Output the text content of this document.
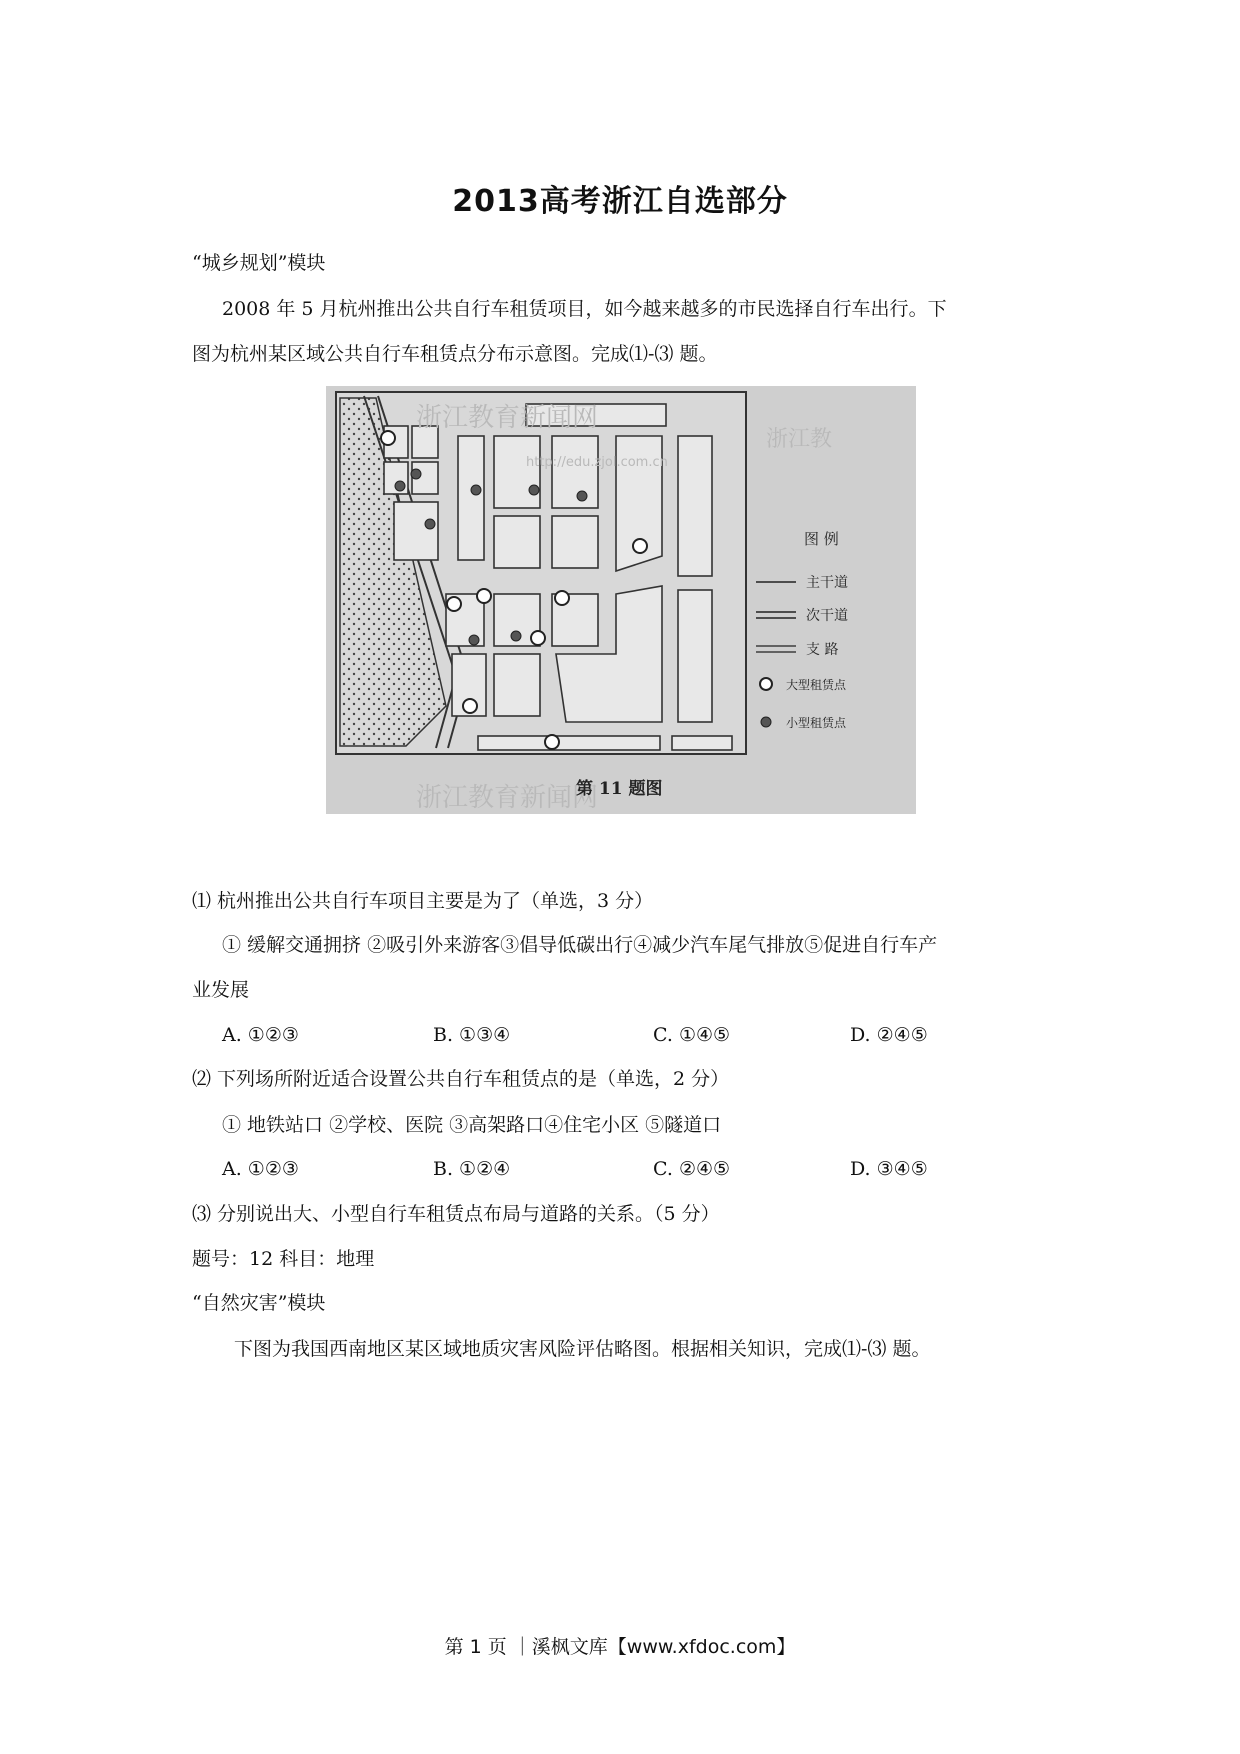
2013高考浙江自选部分
“城乡规划”模块
2008 年 5 月杭州推出公共自行车租赁项目，如今越来越多的市民选择自行车出行。下
图为杭州某区域公共自行车租赁点分布示意图。完成⑴-⑶ 题。
浙江教育新闻网
浙江教
http://edu.zjol.com.cn
浙江教育新闻网
图 例
主干道
次干道
支 路
大型租赁点
小型租赁点
第 11 题图
⑴ 杭州推出公共自行车项目主要是为了（单选，3 分）
① 缓解交通拥挤 ②吸引外来游客③倡导低碳出行④减少汽车尾气排放⑤促进自行车产
业发展
A. ①②③	B. ①③④	C. ①④⑤	D. ②④⑤
⑵ 下列场所附近适合设置公共自行车租赁点的是（单选，2 分）
① 地铁站口 ②学校、医院 ③高架路口④住宅小区 ⑤隧道口
A. ①②③	B. ①②④	C. ②④⑤	D. ③④⑤
⑶ 分别说出大、小型自行车租赁点布局与道路的关系。（5 分）
题号：12 科目：地理
“自然灾害”模块
下图为我国西南地区某区域地质灾害风险评估略图。根据相关知识，完成⑴-⑶ 题。
第 1 页 ｜溪枫文库【www.xfdoc.com】
